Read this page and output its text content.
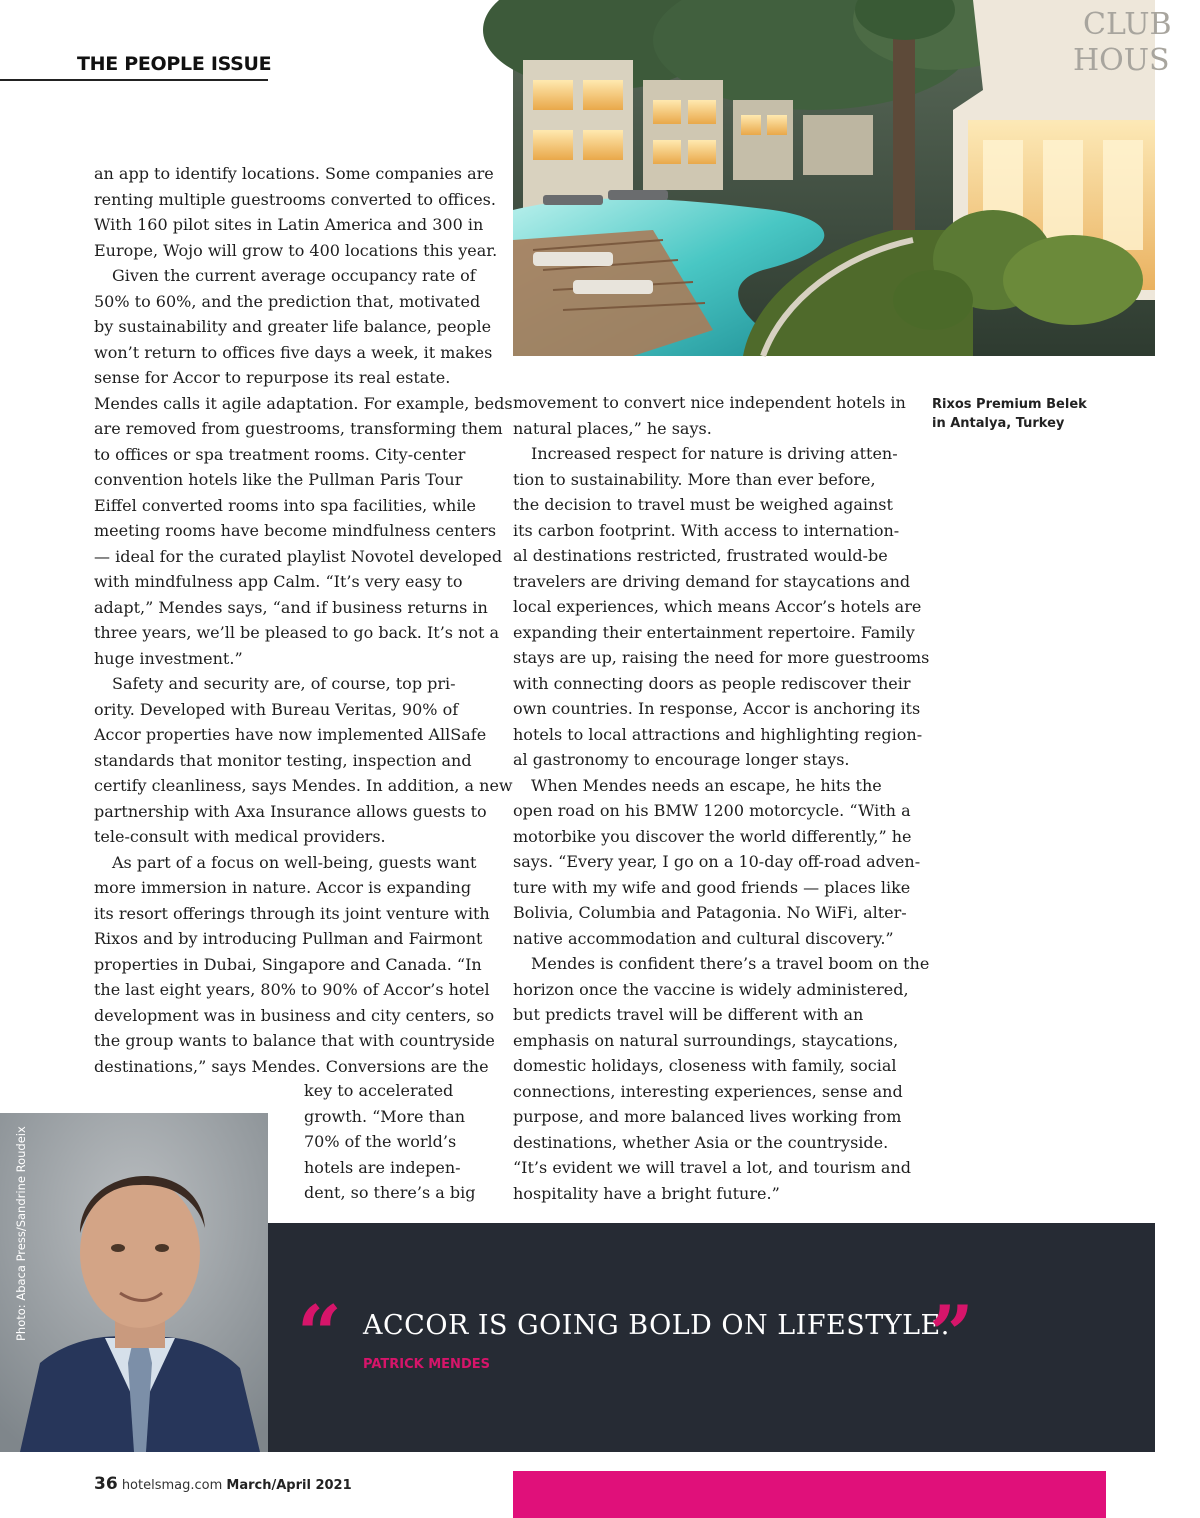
THE PEOPLE ISSUE
CLUB
HOUS
Rixos Premium Belek
in Antalya, Turkey
an app to identify locations. Some companies are
renting multiple guestrooms converted to offices.
With 160 pilot sites in Latin America and 300 in
Europe, Wojo will grow to 400 locations this year.
Given the current average occupancy rate of
50% to 60%, and the prediction that, motivated
by sustainability and greater life balance, people
won’t return to offices five days a week, it makes
sense for Accor to repurpose its real estate.
Mendes calls it agile adaptation. For example, beds
are removed from guestrooms, transforming them
to offices or spa treatment rooms. City-center
convention hotels like the Pullman Paris Tour
Eiffel converted rooms into spa facilities, while
meeting rooms have become mindfulness centers
— ideal for the curated playlist Novotel developed
with mindfulness app Calm. “It’s very easy to
adapt,” Mendes says, “and if business returns in
three years, we’ll be pleased to go back. It’s not a
huge investment.”
Safety and security are, of course, top pri-
ority. Developed with Bureau Veritas, 90% of
Accor properties have now implemented AllSafe
standards that monitor testing, inspection and
certify cleanliness, says Mendes. In addition, a new
partnership with Axa Insurance allows guests to
tele-consult with medical providers.
As part of a focus on well-being, guests want
more immersion in nature. Accor is expanding
its resort offerings through its joint venture with
Rixos and by introducing Pullman and Fairmont
properties in Dubai, Singapore and Canada. “In
the last eight years, 80% to 90% of Accor’s hotel
development was in business and city centers, so
the group wants to balance that with countryside
destinations,” says Mendes. Conversions are the
key to accelerated
growth. “More than
70% of the world’s
hotels are indepen-
dent, so there’s a big
movement to convert nice independent hotels in
natural places,” he says.
Increased respect for nature is driving atten-
tion to sustainability. More than ever before,
the decision to travel must be weighed against
its carbon footprint. With access to internation-
al destinations restricted, frustrated would-be
travelers are driving demand for staycations and
local experiences, which means Accor’s hotels are
expanding their entertainment repertoire. Family
stays are up, raising the need for more guestrooms
with connecting doors as people rediscover their
own countries. In response, Accor is anchoring its
hotels to local attractions and highlighting region-
al gastronomy to encourage longer stays.
When Mendes needs an escape, he hits the
open road on his BMW 1200 motorcycle. “With a
motorbike you discover the world differently,” he
says. “Every year, I go on a 10-day off-road adven-
ture with my wife and good friends — places like
Bolivia, Columbia and Patagonia. No WiFi, alter-
native accommodation and cultural discovery.”
Mendes is confident there’s a travel boom on the
horizon once the vaccine is widely administered,
but predicts travel will be different with an
emphasis on natural surroundings, staycations,
domestic holidays, closeness with family, social
connections, interesting experiences, sense and
purpose, and more balanced lives working from
destinations, whether Asia or the countryside.
“It’s evident we will travel a lot, and tourism and
hospitality have a bright future.”
Photo: Abaca Press/Sandrine Roudeix	“ ACCOR IS GOING BOLD ON LIFESTYLE.
”
PATRICK MENDES
36 hotelsmag.com March/April 2021
